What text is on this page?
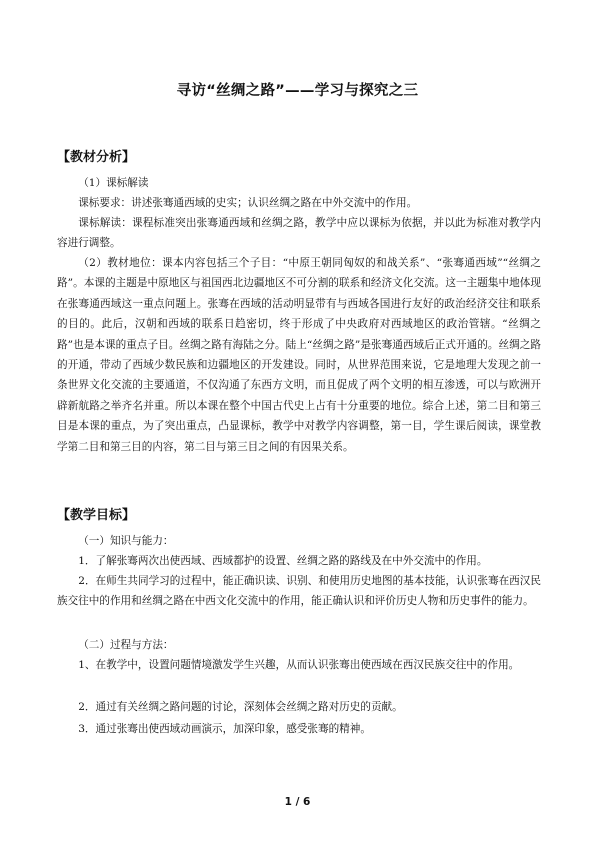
寻访“丝绸之路”——学习与探究之三
【教材分析】
（1）课标解读

课标要求：讲述张骞通西域的史实；认识丝绸之路在中外交流中的作用。

课标解读：课程标准突出张骞通西域和丝绸之路，教学中应以课标为依据，并以此为标准对教学内容进行调整。

（2）教材地位：课本内容包括三个子目：“中原王朝同匈奴的和战关系”、“张骞通西域”“丝绸之路”。本课的主题是中原地区与祖国西北边疆地区不可分割的联系和经济文化交流。这一主题集中地体现在张骞通西域这一重点问题上。张骞在西域的活动明显带有与西域各国进行友好的政治经济交往和联系的目的。此后，汉朝和西域的联系日趋密切，终于形成了中央政府对西域地区的政治管辖。“丝绸之路”也是本课的重点子目。丝绸之路有海陆之分。陆上“丝绸之路”是张骞通西域后正式开通的。丝绸之路的开通，带动了西域少数民族和边疆地区的开发建设。同时，从世界范围来说，它是地理大发现之前一条世界文化交流的主要通道，不仅沟通了东西方文明，而且促成了两个文明的相互渗透，可以与欧洲开辟新航路之举齐名并重。所以本课在整个中国古代史上占有十分重要的地位。综合上述，第二目和第三目是本课的重点，为了突出重点，凸显课标，教学中对教学内容调整，第一目，学生课后阅读，课堂教学第二目和第三目的内容，第二目与第三目之间的有因果关系。

【教学目标】
（一）知识与能力：

1．了解张骞两次出使西域、西域都护的设置、丝绸之路的路线及在中外交流中的作用。

2．在师生共同学习的过程中，能正确识读、识别、和使用历史地图的基本技能，认识张骞在西汉民族交往中的作用和丝绸之路在中西文化交流中的作用，能正确认识和评价历史人物和历史事件的能力。

（二）过程与方法：

1、在教学中，设置问题情境激发学生兴趣，从而认识张骞出使西域在西汉民族交往中的作用。

2．通过有关丝绸之路问题的讨论，深刻体会丝绸之路对历史的贡献。

3．通过张骞出使西域动画演示，加深印象，感受张骞的精神。

1 / 6
